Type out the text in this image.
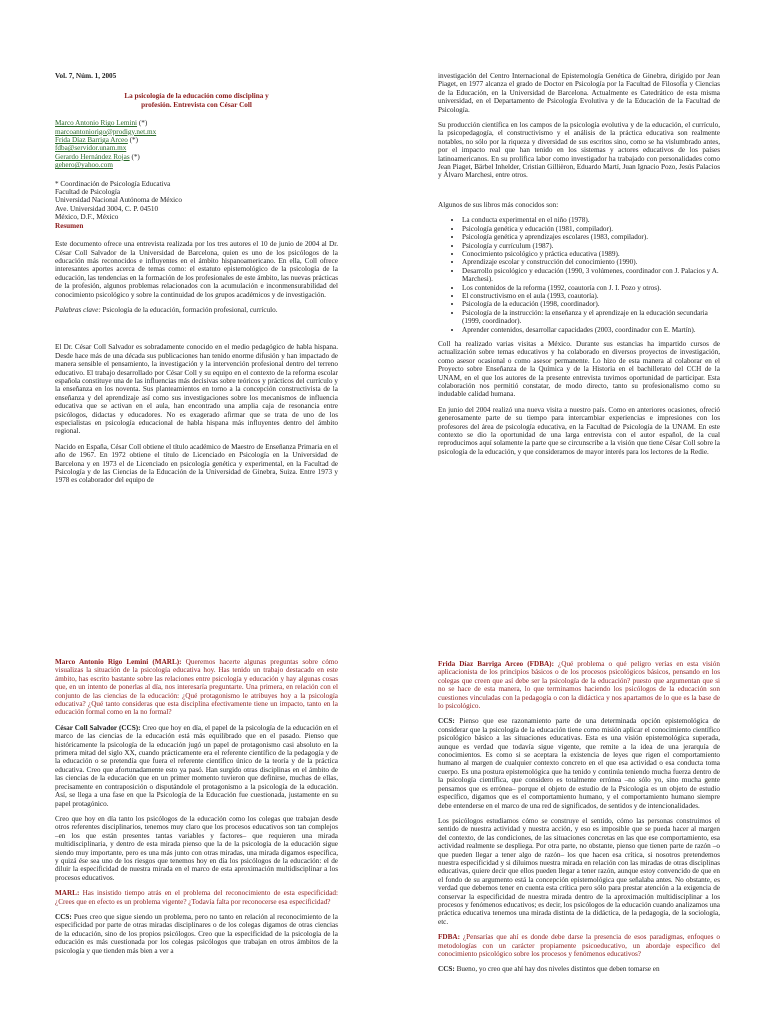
Vol. 7, Núm. 1, 2005
La psicología de la educación como disciplina y
profesión. Entrevista con César Coll
Marco Antonio Rigo Lemini (*)
marcoantoniorigo@prodigy.net.mx
Frida Díaz Barriga Arceo (*)
fdba@servidor.unam.mx
Gerardo Hernández Rojas (*)
geherο@yahoo.com
* Coordinación de Psicología Educativa
Facultad de Psicología
Universidad Nacional Autónoma de México
Ave. Universidad 3004, C. P. 04510
México, D.F., México
Resumen

Este documento ofrece una entrevista realizada por los tres autores el 10 de junio de 2004 al Dr. César Coll Salvador de la Universidad de Barcelona, quien es uno de los psicólogos de la educación más reconocidos e influyentes en el ámbito hispanoamericano. En ella, Coll ofrece interesantes aportes acerca de temas como: el estatuto epistemológico de la psicología de la educación, las tendencias en la formación de los profesionales de este ámbito, las nuevas prácticas de la profesión, algunos problemas relacionados con la acumulación e inconmensurabilidad del conocimiento psicológico y sobre la continuidad de los grupos académicos y de investigación.

Palabras clave: Psicología de la educación, formación profesional, currículo.

El Dr. César Coll Salvador es sobradamente conocido en el medio pedagógico de habla hispana. Desde hace más de una década sus publicaciones han tenido enorme difusión y han impactado de manera sensible el pensamiento, la investigación y la intervención profesional dentro del terreno educativo. El trabajo desarrollado por César Coll y su equipo en el contexto de la reforma escolar española constituye una de las influencias más decisivas sobre teóricos y prácticos del currículo y la enseñanza en los noventa. Sus planteamientos en torno a la concepción constructivista de la enseñanza y del aprendizaje así como sus investigaciones sobre los mecanismos de influencia educativa que se activan en el aula, han encontrado una amplia caja de resonancia entre psicólogos, didactas y educadores. No es exagerado afirmar que se trata de uno de los especialistas en psicología educacional de habla hispana más influyentes dentro del ámbito regional.

Nacido en España, César Coll obtiene el título académico de Maestro de Enseñanza Primaria en el año de 1967. En 1972 obtiene el título de Licenciado en Psicología en la Universidad de Barcelona y en 1973 el de Licenciado en psicología genética y experimental, en la Facultad de Psicología y de las Ciencias de la Educación de la Universidad de Ginebra, Suiza. Entre 1973 y 1978 es colaborador del equipo de

investigación del Centro Internacional de Epistemología Genética de Ginebra, dirigido por Jean Piaget, en 1977 alcanza el grado de Doctor en Psicología por la Facultad de Filosofía y Ciencias de la Educación, en la Universidad de Barcelona. Actualmente es Catedrático de esta misma universidad, en el Departamento de Psicología Evolutiva y de la Educación de la Facultad de Psicología.

Su producción científica en los campos de la psicología evolutiva y de la educación, el currículo, la psicopedagogía, el constructivismo y el análisis de la práctica educativa son realmente notables, no sólo por la riqueza y diversidad de sus escritos sino, como se ha vislumbrado antes, por el impacto real que han tenido en los sistemas y actores educativos de los países latinoamericanos. En su prolífica labor como investigador ha trabajado con personalidades como Jean Piaget, Bärbel Inhelder, Cristian Gillièron, Eduardo Martí, Juan Ignacio Pozo, Jesús Palacios y Álvaro Marchesi, entre otros.

Algunos de sus libros más conocidos son:

• La conducta experimental en el niño (1978).
• Psicología genética y educación (1981, compilador).
• Psicología genética y aprendizajes escolares (1983, compilador).
• Psicología y currículum (1987).
• Conocimiento psicológico y práctica educativa (1989).
• Aprendizaje escolar y construcción del conocimiento (1990).
• Desarrollo psicológico y educación (1990, 3 volúmenes, coordinador con J. Palacios y A. Marchesi).
• Los contenidos de la reforma (1992, coautoría con J. I. Pozo y otros).
• El constructivismo en el aula (1993, coautoría).
• Psicología de la educación (1998, coordinador).
• Psicología de la instrucción: la enseñanza y el aprendizaje en la educación secundaria (1999, coordinador).
• Aprender contenidos, desarrollar capacidades (2003, coordinador con E. Martín).

Coll ha realizado varias visitas a México. Durante sus estancias ha impartido cursos de actualización sobre temas educativos y ha colaborado en diversos proyectos de investigación, como asesor ocasional o como asesor permanente. Lo hizo de esta manera al colaborar en el Proyecto sobre Enseñanza de la Química y de la Historia en el bachillerato del CCH de la UNAM, en el que los autores de la presente entrevista tuvimos oportunidad de participar. Esta colaboración nos permitió constatar, de modo directo, tanto su profesionalismo como su indudable calidad humana.

En junio del 2004 realizó una nueva visita a nuestro país. Como en anteriores ocasiones, ofreció generosamente parte de su tiempo para intercambiar experiencias e impresiones con los profesores del área de psicología educativa, en la Facultad de Psicología de la UNAM. En este contexto se dio la oportunidad de una larga entrevista con el autor español, de la cual reproducimos aquí solamente la parte que se circunscribe a la visión que tiene César Coll sobre la psicología de la educación, y que consideramos de mayor interés para los lectores de la Redie.

Marco Antonio Rigo Lemini (MARL): Queremos hacerte algunas preguntas sobre cómo visualizas la situación de la psicología educativa hoy. Has tenido un trabajo destacado en este ámbito, has escrito bastante sobre las relaciones entre psicología y educación y hay algunas cosas que, en un intento de ponerlas al día, nos interesaría preguntarte. Una primera, en relación con el conjunto de las ciencias de la educación: ¿Qué protagonismo le atribuyes hoy a la psicología educativa? ¿Qué tanto consideras que esta disciplina efectivamente tiene un impacto, tanto en la educación formal como en la no formal?

César Coll Salvador (CCS): Creo que hoy en día, el papel de la psicología de la educación en el marco de las ciencias de la educación está más equilibrado que en el pasado. Pienso que históricamente la psicología de la educación jugó un papel de protagonismo casi absoluto en la primera mitad del siglo XX, cuando prácticamente era el referente científico de la pedagogía y de la educación o se pretendía que fuera el referente científico único de la teoría y de la práctica educativa. Creo que afortunadamente esto ya pasó. Han surgido otras disciplinas en el ámbito de las ciencias de la educación que en un primer momento tuvieron que definirse, muchas de ellas, precisamente en contraposición o disputándole el protagonismo a la psicología de la educación. Así, se llega a una fase en que la Psicología de la Educación fue cuestionada, justamente en su papel protagónico.

Creo que hoy en día tanto los psicólogos de la educación como los colegas que trabajan desde otros referentes disciplinarios, tenemos muy claro que los procesos educativos son tan complejos –en los que están presentes tantas variables y factores– que requieren una mirada multidisciplinaria, y dentro de esta mirada pienso que la de la psicología de la educación sigue siendo muy importante, pero es una más junto con otras miradas, una mirada digamos específica, y quizá ése sea uno de los riesgos que tenemos hoy en día los psicólogos de la educación: el de diluir la especificidad de nuestra mirada en el marco de esta aproximación multidisciplinar a los procesos educativos.

MARL: Has insistido tiempo atrás en el problema del reconocimiento de esta especificidad: ¿Crees que en efecto es un problema vigente? ¿Todavía falta por reconocerse esa especificidad?

CCS: Pues creo que sigue siendo un problema, pero no tanto en relación al reconocimiento de la especificidad por parte de otras miradas disciplinares o de los colegas digamos de otras ciencias de la educación, sino de los propios psicólogos. Creo que la especificidad de la psicología de la educación es más cuestionada por los colegas psicólogos que trabajan en otros ámbitos de la psicología y que tienden más bien a ver a

Frida Díaz Barriga Arceo (FDBA): ¿Qué problema o qué peligro verías en esta visión aplicacionista de los principios básicos o de los procesos psicológicos básicos, pensando en los colegas que creen que así debe ser la psicología de la educación? puesto que argumentan que si no se hace de esta manera, lo que terminamos haciendo los psicólogos de la educación son cuestiones vinculadas con la pedagogía o con la didáctica y nos apartamos de lo que es la base de lo psicológico.

CCS: Pienso que ese razonamiento parte de una determinada opción epistemológica de considerar que la psicología de la educación tiene como misión aplicar el conocimiento científico psicológico básico a las situaciones educativas. Esta es una visión epistemológica superada, aunque es verdad que todavía sigue vigente, que remite a la idea de una jerarquía de conocimientos. Es como si se aceptara la existencia de leyes que rigen el comportamiento humano al margen de cualquier contexto concreto en el que esa actividad o esa conducta toma cuerpo. Es una postura epistemológica que ha tenido y continúa teniendo mucha fuerza dentro de la psicología científica, que considero es totalmente errónea –no sólo yo, sino mucha gente pensamos que es errónea– porque el objeto de estudio de la Psicología es un objeto de estudio específico, digamos que es el comportamiento humano, y el comportamiento humano siempre debe entenderse en el marco de una red de significados, de sentidos y de intencionalidades.

Los psicólogos estudiamos cómo se construye el sentido, cómo las personas construimos el sentido de nuestra actividad y nuestra acción, y eso es imposible que se pueda hacer al margen del contexto, de las condiciones, de las situaciones concretas en las que ese comportamiento, esa actividad realmente se despliega. Por otra parte, no obstante, pienso que tienen parte de razón –o que pueden llegar a tener algo de razón– los que hacen esa crítica, si nosotros pretendemos nuestra especificidad y si diluimos nuestra mirada en relación con las miradas de otras disciplinas educativas, quiere decir que ellos pueden llegar a tener razón, aunque estoy convencido de que en el fondo de su argumento está la concepción epistemológica que señalaba antes. No obstante, es verdad que debemos tener en cuenta esta crítica pero sólo para prestar atención a la exigencia de conservar la especificidad de nuestra mirada dentro de la aproximación multidisciplinar a los procesos y fenómenos educativos; es decir, los psicólogos de la educación cuando analizamos una práctica educativa tenemos una mirada distinta de la didáctica, de la pedagogía, de la sociología, etc.

FDBA: ¿Pensarías que ahí es donde debe darse la presencia de esos paradigmas, enfoques o metodologías con un carácter propiamente psicoeducativo, un abordaje específico del conocimiento psicológico sobre los procesos y fenómenos educativos?

CCS: Bueno, yo creo que ahí hay dos niveles distintos que deben tomarse en
